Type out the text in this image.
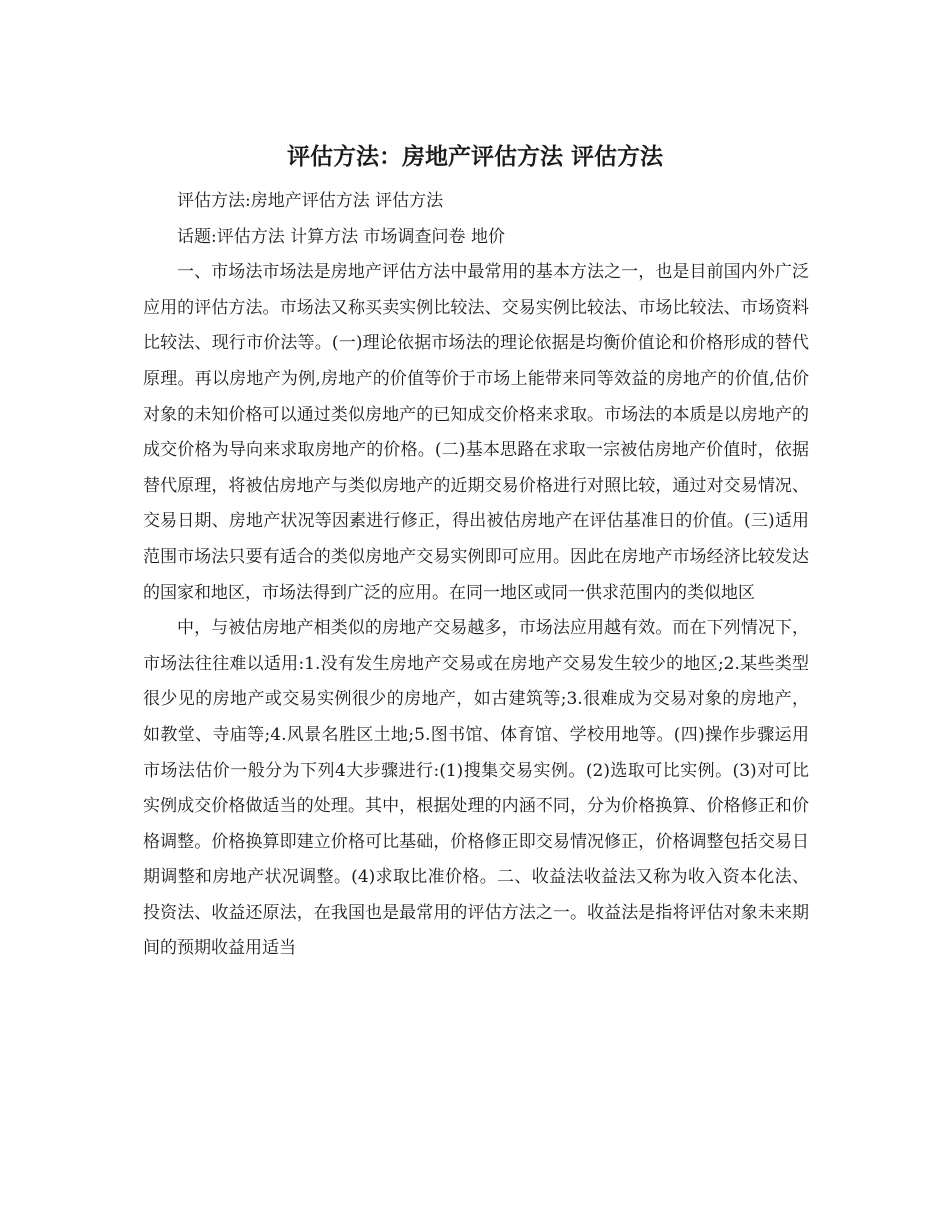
评估方法：房地产评估方法 评估方法

评估方法:房地产评估方法 评估方法

话题:评估方法 计算方法 市场调查问卷 地价

一、市场法市场法是房地产评估方法中最常用的基本方法之一，也是目前国内外广泛应用的评估方法。市场法又称买卖实例比较法、交易实例比较法、市场比较法、市场资料比较法、现行市价法等。(一)理论依据市场法的理论依据是均衡价值论和价格形成的替代原理。再以房地产为例,房地产的价值等价于市场上能带来同等效益的房地产的价值,估价对象的未知价格可以通过类似房地产的已知成交价格来求取。市场法的本质是以房地产的成交价格为导向来求取房地产的价格。(二)基本思路在求取一宗被估房地产价值时，依据替代原理，将被估房地产与类似房地产的近期交易价格进行对照比较，通过对交易情况、交易日期、房地产状况等因素进行修正，得出被估房地产在评估基准日的价值。(三)适用范围市场法只要有适合的类似房地产交易实例即可应用。因此在房地产市场经济比较发达的国家和地区，市场法得到广泛的应用。在同一地区或同一供求范围内的类似地区

中，与被估房地产相类似的房地产交易越多，市场法应用越有效。而在下列情况下，市场法往往难以适用:1.没有发生房地产交易或在房地产交易发生较少的地区;2.某些类型很少见的房地产或交易实例很少的房地产，如古建筑等;3.很难成为交易对象的房地产，如教堂、寺庙等;4.风景名胜区土地;5.图书馆、体育馆、学校用地等。(四)操作步骤运用市场法估价一般分为下列4大步骤进行:(1)搜集交易实例。(2)选取可比实例。(3)对可比实例成交价格做适当的处理。其中，根据处理的内涵不同，分为价格换算、价格修正和价格调整。价格换算即建立价格可比基础，价格修正即交易情况修正，价格调整包括交易日期调整和房地产状况调整。(4)求取比准价格。二、收益法收益法又称为收入资本化法、投资法、收益还原法，在我国也是最常用的评估方法之一。收益法是指将评估对象未来期间的预期收益用适当
